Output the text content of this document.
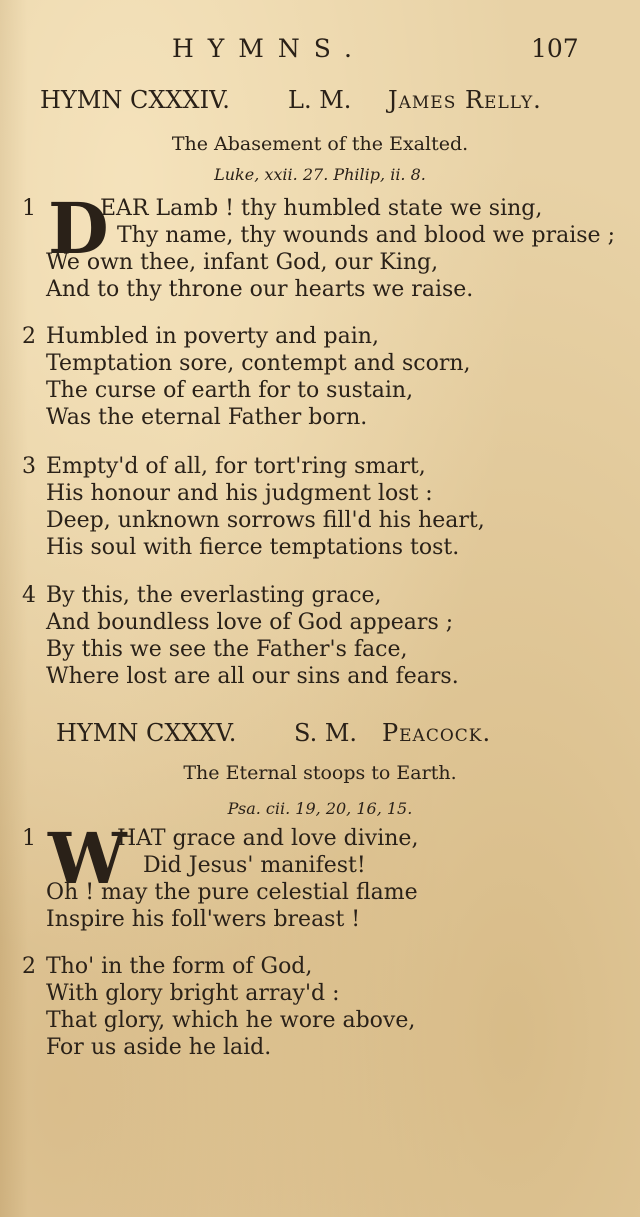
HYMNS.	107
HYMN CXXXIV. L. M. James Relly.
The Abasement of the Exalted.
Luke, xxii. 27. Philip, ii. 8.
1 D
EAR Lamb ! thy humbled state we sing,
Thy name, thy wounds and blood we praise ;
We own thee, infant God, our King,
And to thy throne our hearts we raise.
2 Humbled in poverty and pain,
Temptation sore, contempt and scorn,
The curse of earth for to sustain,
Was the eternal Father born.
3 Empty'd of all, for tort'ring smart,
His honour and his judgment lost :
Deep, unknown sorrows fill'd his heart,
His soul with fierce temptations tost.
4 By this, the everlasting grace,
And boundless love of God appears ;
By this we see the Father's face,
Where lost are all our sins and fears.
HYMN CXXXV. S. M. Peacock.
The Eternal stoops to Earth.
Psa. cii. 19, 20, 16, 15.
1 W
HAT grace and love divine,
Did Jesus' manifest!
Oh ! may the pure celestial flame
Inspire his foll'wers breast !
2 Tho' in the form of God,
With glory bright array'd :
That glory, which he wore above,
For us aside he laid.
